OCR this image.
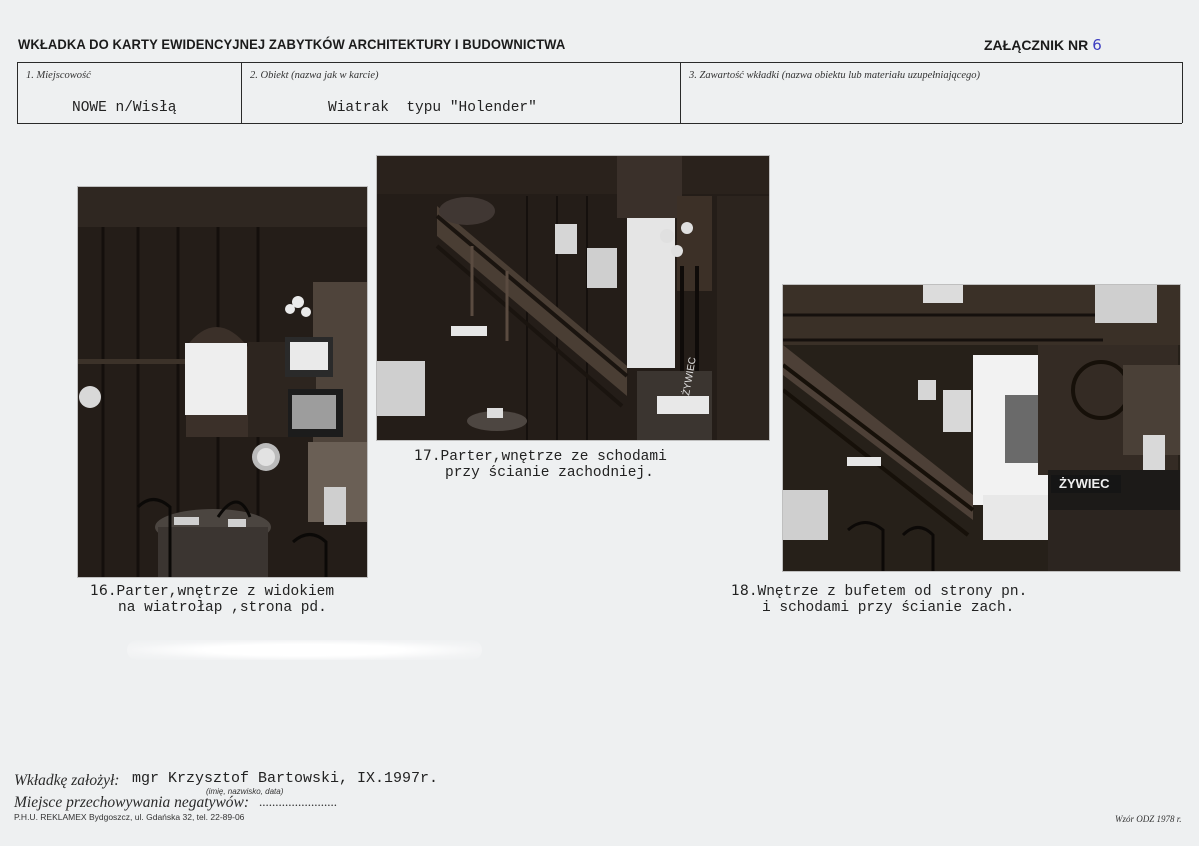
WKŁADKA DO KARTY EWIDENCYJNEJ ZABYTKÓW ARCHITEKTURY I BUDOWNICTWA	ZAŁĄCZNIK NR 6
1. Miejscowość
NOWE n/Wisłą
2. Obiekt (nazwa jak w karcie)
Wiatrak  typu "Holender"
3. Zawartość wkładki (nazwa obiektu lub materiału uzupełniającego)
ŻYWIEC
ŻYWIEC
16.Parter,wnętrze z widokiem
na wiatrołap ,strona pd.
17.Parter,wnętrze ze schodami
przy ścianie zachodniej.
18.Wnętrze z bufetem od strony pn.
i schodami przy ścianie zach.
Wkładkę założył: mgr Krzysztof Bartowski, IX.1997r.
(imię, nazwisko, data)
Miejsce przechowywania negatywów: ........................
P.H.U. REKLAMEX Bydgoszcz, ul. Gdańska 32, tel. 22-89-06	Wzór ODZ 1978 r.
